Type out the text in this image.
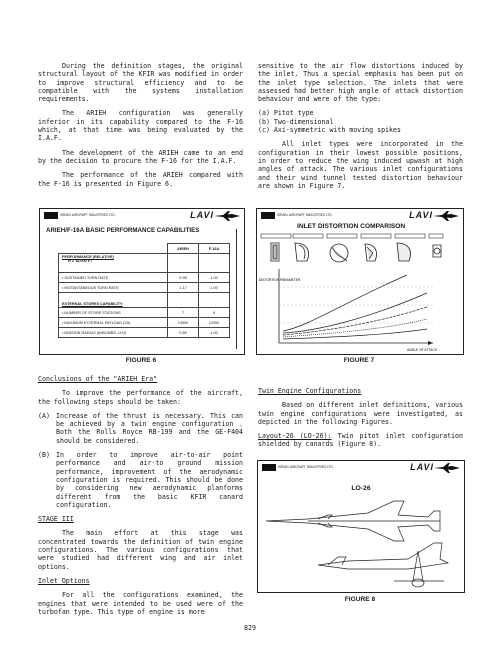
During the definition stages, the original structural layout of the KFIR was modified in order to improve structural efficiency and to be compatible with the systems installation requirements.

The ARIEH configuration was generally inferior in its capability compared to the F-16 which, at that time was being evaluated by the I.A.F.

The development of the ARIEH came to an end by the decision to procure the F-16 for the I.A.F.

The performance of the ARIEH compared with the F-16 is presented in Figure 6.

sensitive to the air flow distortions induced by the inlet. Thus a special emphasis has been put on the inlet type selection. The inlets that were assessed had better high angle of attack distortion behaviour and were of the type:

(a) Pitot type
(b) Two-dimensional
(c) Axi-symmetric with moving spikes

All inlet types were incorporated in the configuration in their lowest possible positions, in order to reduce the wing induced upwash at high angles of attack. The various inlet configurations and their wind tunnel tested distortion behaviour are shown in Figure 7.

ISRAEL AIRCRAFT INDUSTRIES LTD.	LAVI
ARIEH/F-16A BASIC PERFORMANCE CAPABILITIES
	ARIEH	F-16A

PERFORMANCE (RELATIVE)
H = 15,000 FT		

• SUSTAINED TURN RATE	0.95	1.00
• INSTANTANEOUS TURN RATE	1.17	1.00
EXTERNAL STORES CAPABILITY		
• NUMBER OF STORE STATIONS	7	9
• MAXIMUM EXTERNAL PAYLOAD (LB)	14900	12000
• MISSION RADIUS (6xBOMBS, LLH)	0.85	1.00
FIGURE 6
ISRAEL AIRCRAFT INDUSTRIES LTD.	LAVI
INLET DISTORTION COMPARISON
DISTORTION PARAMETER
ANGLE OF ATTACK
FIGURE 7

Conclusions of the "ARIEH Era"

To improve the performance of the aircraft, the following steps should be taken:

(A) Increase of the thrust is necessary. This can be achieved by a twin engine configuration . Both the Rolls Royce RB-199 and the GE-F404 should be considered.
(B) In order to improve air-to-air point performance and air-to ground mission performance, improvement of the aerodynamic configuration is required. This should be done by considering new aerodynamic planforms different from the basic KFIR canard configuration.

STAGE III

The main effort at this stage was concentrated towards the definition of twin engine configurations. The various configurations that were studied had different wing and air inlet options.

Inlet Options

For all the configurations examined, the engines that were intended to be used were of the turbofan type. This type of engine is more

Twin Engine Configurations

Based on different inlet definitions, various twin engine configurations were investigated, as depicted in the following Figures.

Layout-26 (LO-26): Twin pitot inlet configuration shielded by canards (Figure 8).

ISRAEL AIRCRAFT INDUSTRIES LTD.	LAVI
LO-26
FIGURE 8
829
